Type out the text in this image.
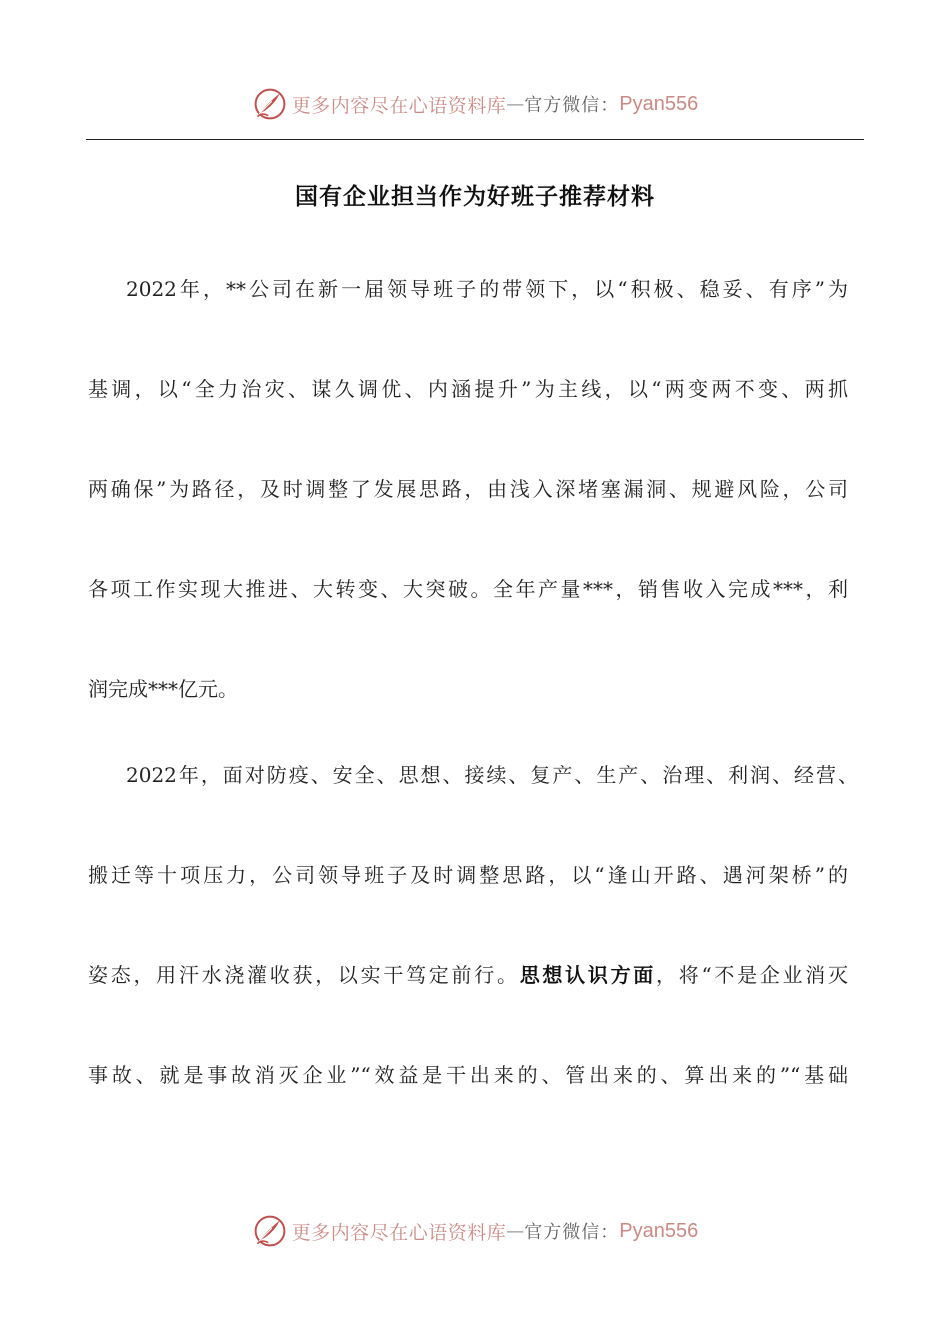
更多内容尽在心语资料库 — 官方微信： Pyan556
国有企业担当作为好班子推荐材料
2022年，**公司在新一届领导班子的带领下，以“积极、稳妥、有序”为
基调，以“全力治灾、谋久调优、内涵提升”为主线，以“两变两不变、两抓
两确保”为路径，及时调整了发展思路，由浅入深堵塞漏洞、规避风险，公司
各项工作实现大推进、大转变、大突破。全年产量***，销售收入完成***，利
润完成***亿元。
2022年，面对防疫、安全、思想、接续、复产、生产、治理、利润、经营、
搬迁等十项压力，公司领导班子及时调整思路，以“逢山开路、遇河架桥”的
姿态，用汗水浇灌收获，以实干笃定前行。思想认识方面，将“不是企业消灭
事故、就是事故消灭企业”“效益是干出来的、管出来的、算出来的”“基础
更多内容尽在心语资料库 — 官方微信： Pyan556
